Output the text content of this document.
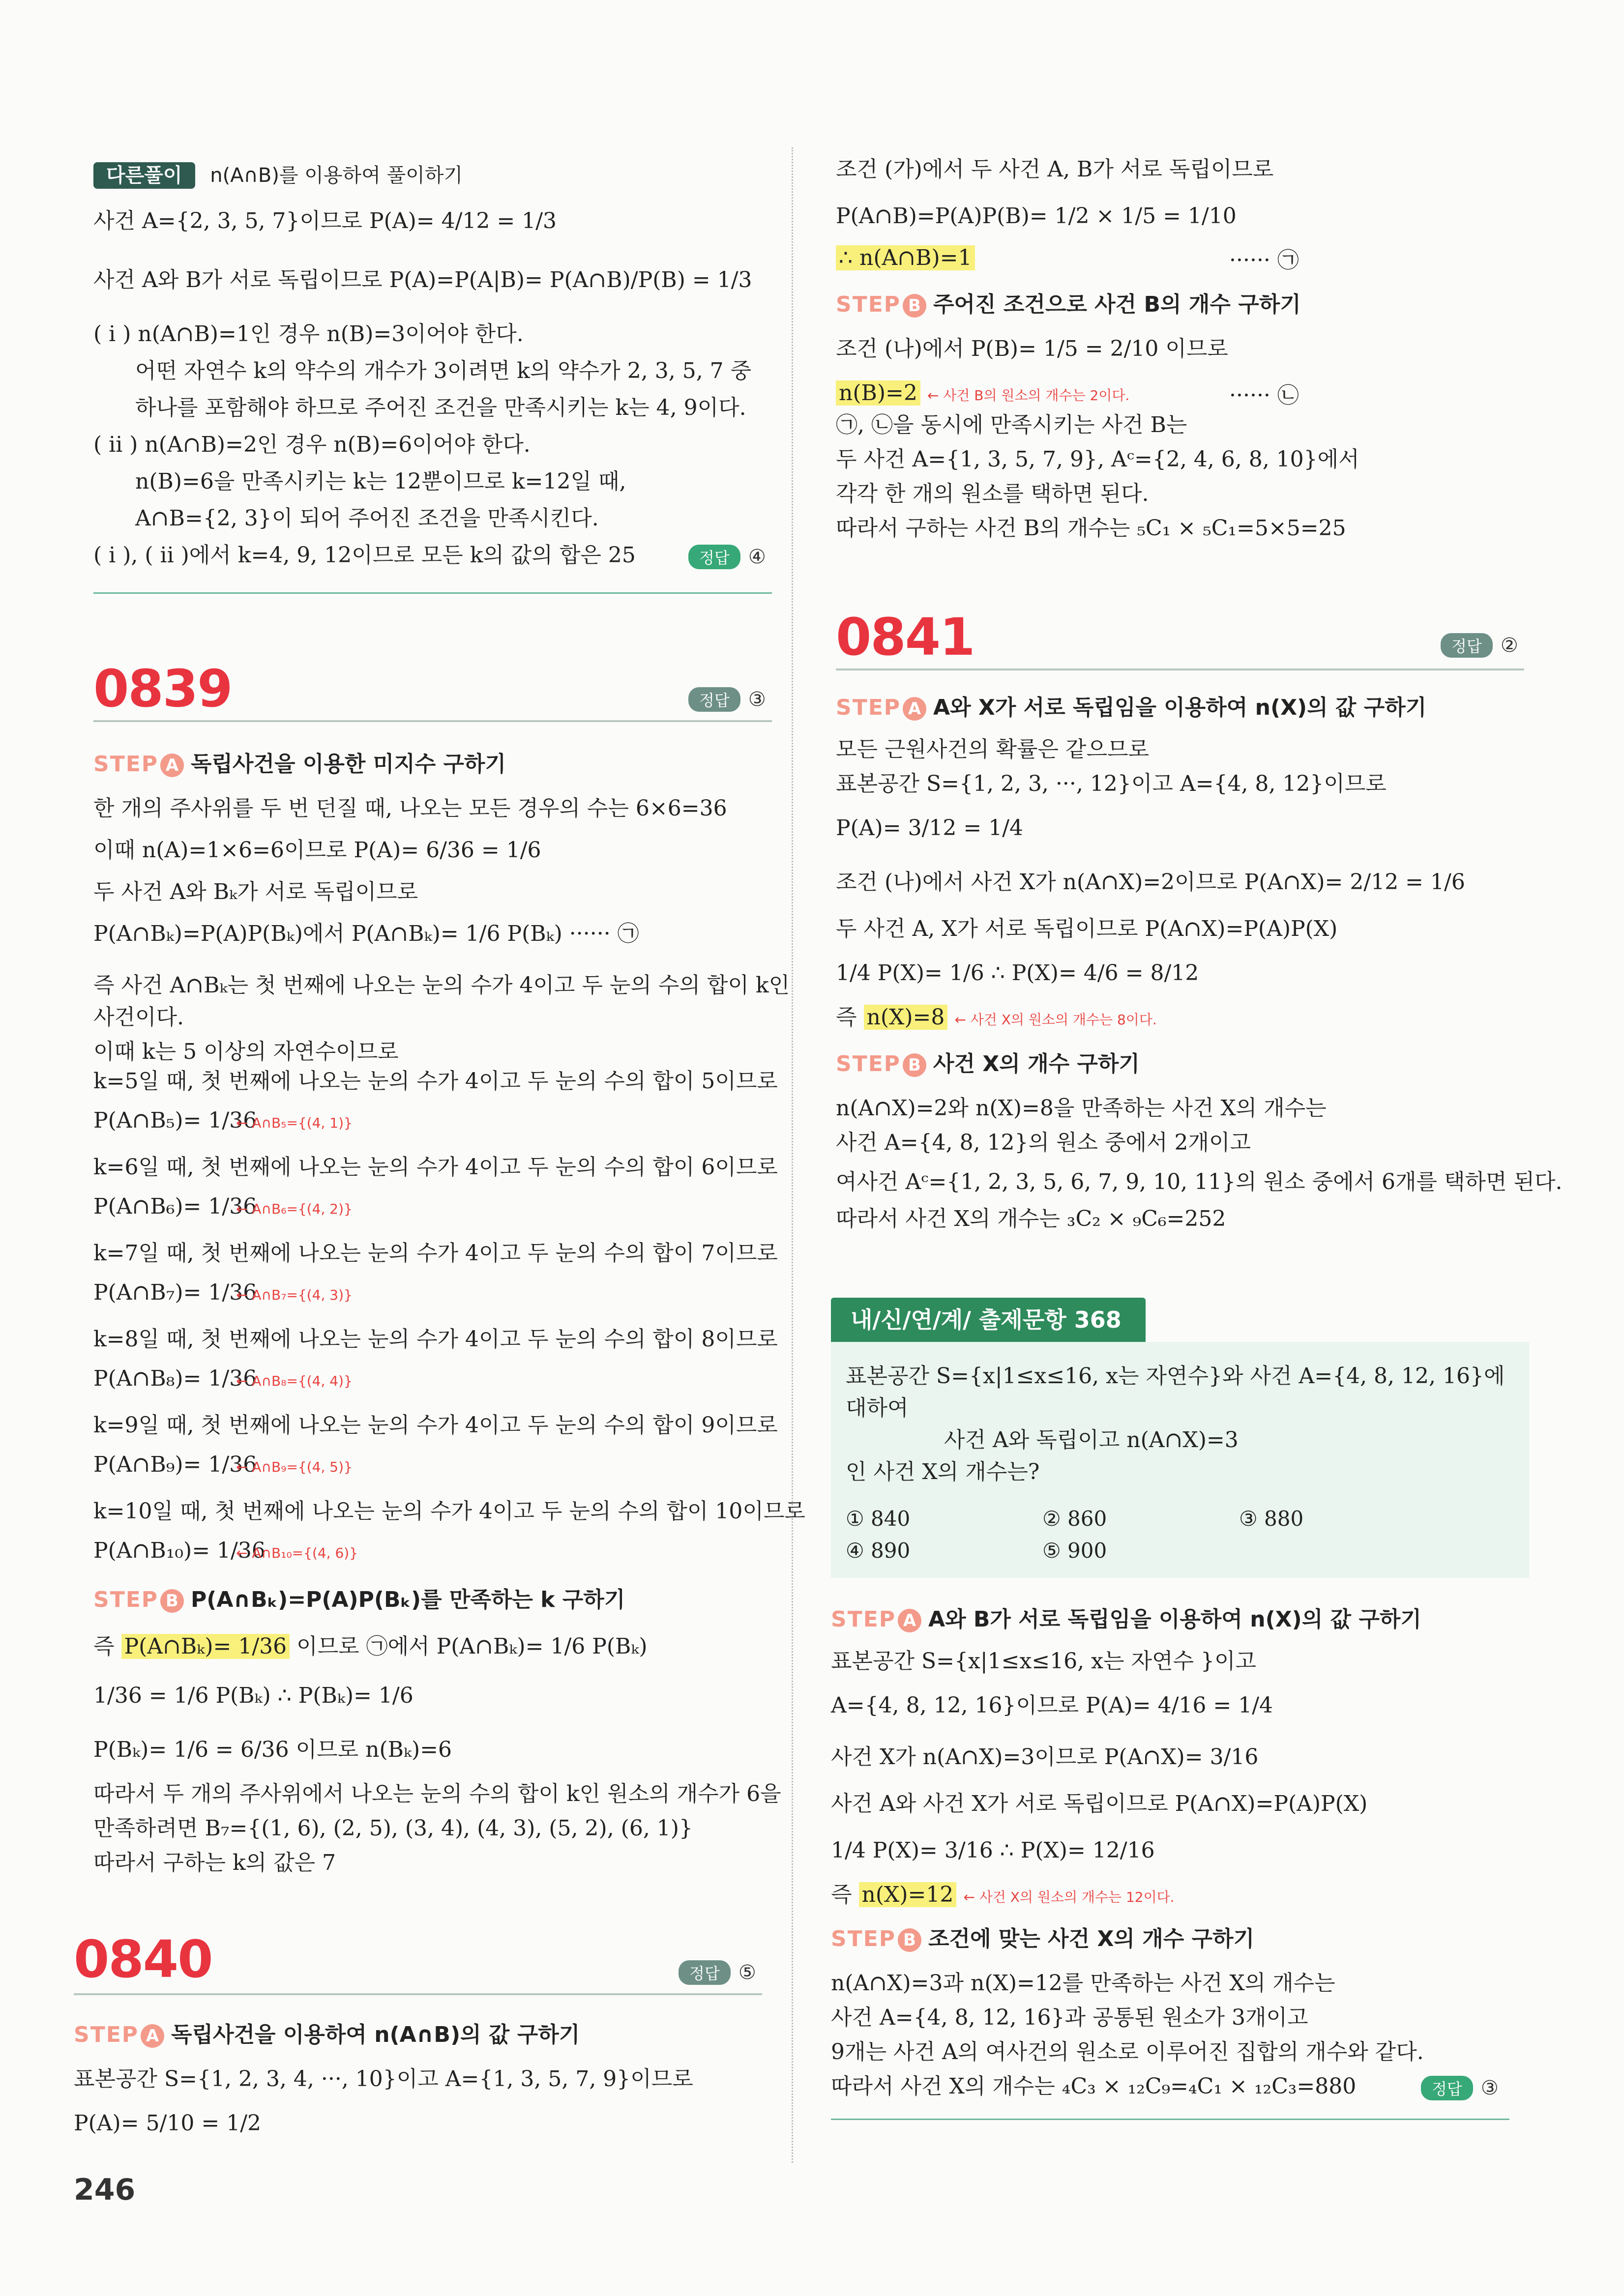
다른풀이 n(A∩B)를 이용하여 풀이하기
사건 A={2, 3, 5, 7}이므로 P(A)= 4/12 = 1/3
사건 A와 B가 서로 독립이므로 P(A)=P(A|B)= P(A∩B)/P(B) = 1/3
( i ) n(A∩B)=1인 경우 n(B)=3이어야 한다.
어떤 자연수 k의 약수의 개수가 3이려면 k의 약수가 2, 3, 5, 7 중
하나를 포함해야 하므로 주어진 조건을 만족시키는 k는 4, 9이다.
( ii ) n(A∩B)=2인 경우 n(B)=6이어야 한다.
n(B)=6을 만족시키는 k는 12뿐이므로 k=12일 때,
A∩B={2, 3}이 되어 주어진 조건을 만족시킨다.
( i ), ( ii )에서 k=4, 9, 12이므로 모든 k의 값의 합은 25	정답 ④
0839	정답 ③
STEP A 독립사건을 이용한 미지수 구하기
한 개의 주사위를 두 번 던질 때, 나오는 모든 경우의 수는 6×6=36
이때 n(A)=1×6=6이므로 P(A)= 6/36 = 1/6
두 사건 A와 Bₖ가 서로 독립이므로
P(A∩Bₖ)=P(A)P(Bₖ)에서 P(A∩Bₖ)= 1/6 P(Bₖ) ······ ㉠
즉 사건 A∩Bₖ는 첫 번째에 나오는 눈의 수가 4이고 두 눈의 수의 합이 k인
사건이다.
이때 k는 5 이상의 자연수이므로
k=5일 때, 첫 번째에 나오는 눈의 수가 4이고 두 눈의 수의 합이 5이므로
P(A∩B₅)= 1/36
← A∩B₅={(4, 1)}
k=6일 때, 첫 번째에 나오는 눈의 수가 4이고 두 눈의 수의 합이 6이므로
P(A∩B₆)= 1/36
← A∩B₆={(4, 2)}
k=7일 때, 첫 번째에 나오는 눈의 수가 4이고 두 눈의 수의 합이 7이므로
P(A∩B₇)= 1/36
← A∩B₇={(4, 3)}
k=8일 때, 첫 번째에 나오는 눈의 수가 4이고 두 눈의 수의 합이 8이므로
P(A∩B₈)= 1/36
← A∩B₈={(4, 4)}
k=9일 때, 첫 번째에 나오는 눈의 수가 4이고 두 눈의 수의 합이 9이므로
P(A∩B₉)= 1/36
← A∩B₉={(4, 5)}
k=10일 때, 첫 번째에 나오는 눈의 수가 4이고 두 눈의 수의 합이 10이므로
P(A∩B₁₀)= 1/36
← A∩B₁₀={(4, 6)}
STEP B P(A∩Bₖ)=P(A)P(Bₖ)를 만족하는 k 구하기
즉 P(A∩Bₖ)= 1/36 이므로 ㉠에서 P(A∩Bₖ)= 1/6 P(Bₖ)
1/36 = 1/6 P(Bₖ) ∴ P(Bₖ)= 1/6
P(Bₖ)= 1/6 = 6/36 이므로 n(Bₖ)=6
따라서 두 개의 주사위에서 나오는 눈의 수의 합이 k인 원소의 개수가 6을
만족하려면 B₇={(1, 6), (2, 5), (3, 4), (4, 3), (5, 2), (6, 1)}
따라서 구하는 k의 값은 7
0840	정답 ⑤
STEP A 독립사건을 이용하여 n(A∩B)의 값 구하기
표본공간 S={1, 2, 3, 4, ···, 10}이고 A={1, 3, 5, 7, 9}이므로
P(A)= 5/10 = 1/2
246
조건 (가)에서 두 사건 A, B가 서로 독립이므로
P(A∩B)=P(A)P(B)= 1/2 × 1/5 = 1/10
∴ n(A∩B)=1	······ ㉠
STEP B 주어진 조건으로 사건 B의 개수 구하기
조건 (나)에서 P(B)= 1/5 = 2/10 이므로
n(B)=2 ← 사건 B의 원소의 개수는 2이다.	······ ㉡
㉠, ㉡을 동시에 만족시키는 사건 B는
두 사건 A={1, 3, 5, 7, 9}, Aᶜ={2, 4, 6, 8, 10}에서
각각 한 개의 원소를 택하면 된다.
따라서 구하는 사건 B의 개수는 ₅C₁ × ₅C₁=5×5=25
0841	정답 ②
STEP A A와 X가 서로 독립임을 이용하여 n(X)의 값 구하기
모든 근원사건의 확률은 같으므로
표본공간 S={1, 2, 3, ···, 12}이고 A={4, 8, 12}이므로
P(A)= 3/12 = 1/4
조건 (나)에서 사건 X가 n(A∩X)=2이므로 P(A∩X)= 2/12 = 1/6
두 사건 A, X가 서로 독립이므로 P(A∩X)=P(A)P(X)
1/4 P(X)= 1/6 ∴ P(X)= 4/6 = 8/12
즉 n(X)=8 ← 사건 X의 원소의 개수는 8이다.
STEP B 사건 X의 개수 구하기
n(A∩X)=2와 n(X)=8을 만족하는 사건 X의 개수는
사건 A={4, 8, 12}의 원소 중에서 2개이고
여사건 Aᶜ={1, 2, 3, 5, 6, 7, 9, 10, 11}의 원소 중에서 6개를 택하면 된다.
따라서 사건 X의 개수는 ₃C₂ × ₉C₆=252
내/신/연/계/ 출제문항 368
표본공간 S={x|1≤x≤16, x는 자연수}와 사건 A={4, 8, 12, 16}에
대하여
사건 A와 독립이고 n(A∩X)=3
인 사건 X의 개수는?
① 840	② 860	③ 880
④ 890	⑤ 900
STEP A A와 B가 서로 독립임을 이용하여 n(X)의 값 구하기
표본공간 S={x|1≤x≤16, x는 자연수 }이고
A={4, 8, 12, 16}이므로 P(A)= 4/16 = 1/4
사건 X가 n(A∩X)=3이므로 P(A∩X)= 3/16
사건 A와 사건 X가 서로 독립이므로 P(A∩X)=P(A)P(X)
1/4 P(X)= 3/16 ∴ P(X)= 12/16
즉 n(X)=12 ← 사건 X의 원소의 개수는 12이다.
STEP B 조건에 맞는 사건 X의 개수 구하기
n(A∩X)=3과 n(X)=12를 만족하는 사건 X의 개수는
사건 A={4, 8, 12, 16}과 공통된 원소가 3개이고
9개는 사건 A의 여사건의 원소로 이루어진 집합의 개수와 같다.
따라서 사건 X의 개수는 ₄C₃ × ₁₂C₉=₄C₁ × ₁₂C₃=880	정답 ③
